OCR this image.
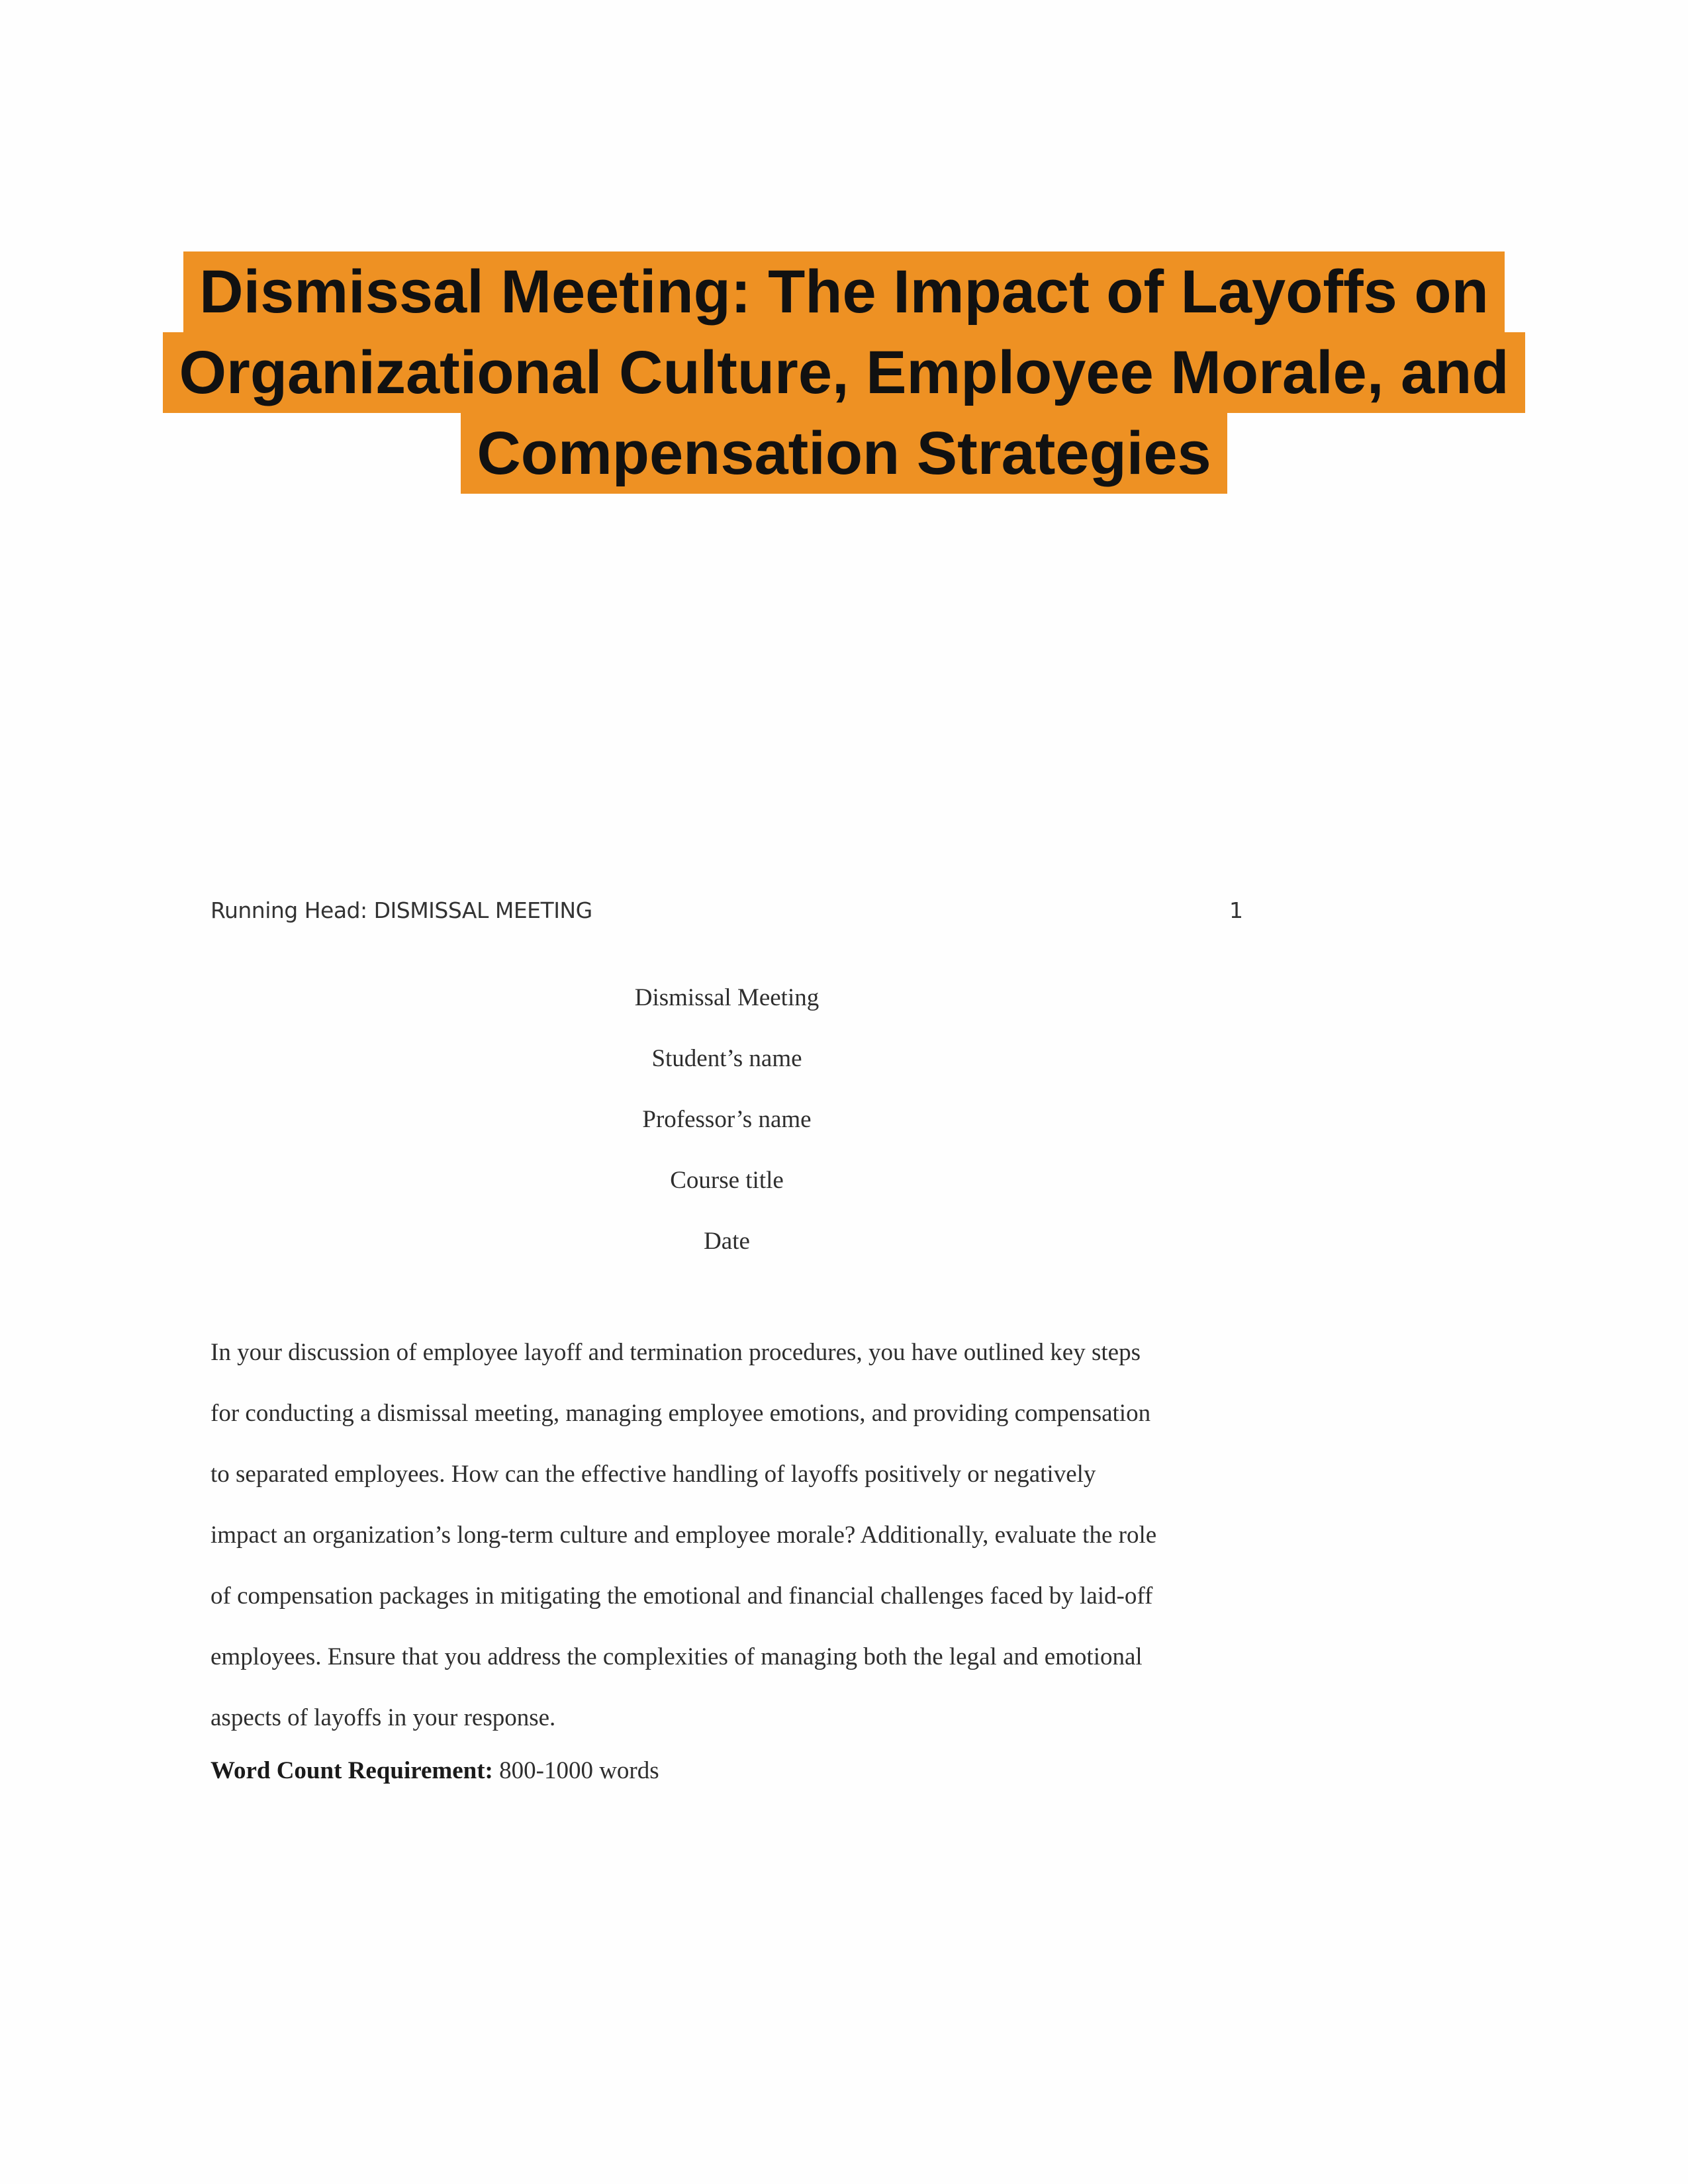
Dismissal Meeting: The Impact of Layoffs on
Organizational Culture, Employee Morale, and
Compensation Strategies
Running Head: DISMISSAL MEETING	1
Dismissal Meeting
Student’s name
Professor’s name
Course title
Date
In your discussion of employee layoff and termination procedures, you have outlined key steps
for conducting a dismissal meeting, managing employee emotions, and providing compensation
to separated employees. How can the effective handling of layoffs positively or negatively
impact an organization’s long-term culture and employee morale? Additionally, evaluate the role
of compensation packages in mitigating the emotional and financial challenges faced by laid-off
employees. Ensure that you address the complexities of managing both the legal and emotional
aspects of layoffs in your response.
Word Count Requirement: 800-1000 words
